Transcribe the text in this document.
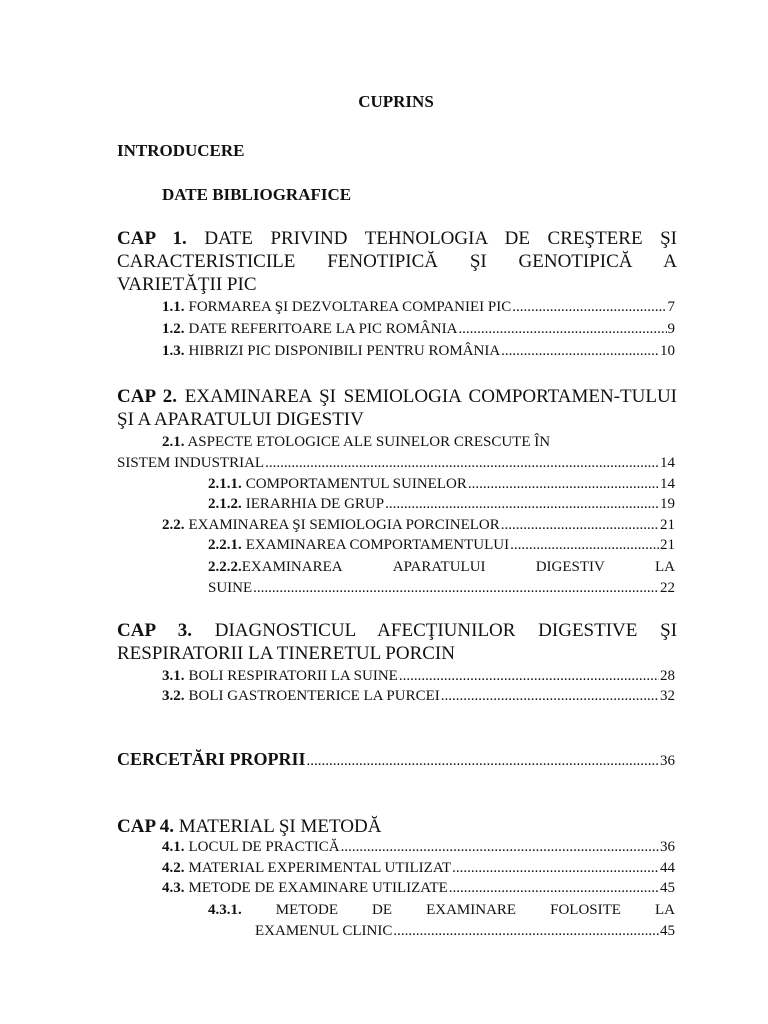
CUPRINS
INTRODUCERE
DATE BIBLIOGRAFICE
CAP 1. DATE PRIVIND TEHNOLOGIA DE CREŞTERE ŞI CARACTERISTICILE FENOTIPICĂ ŞI GENOTIPICĂ A VARIETĂŢII PIC
1.1. FORMAREA ŞI DEZVOLTAREA COMPANIEI PIC .....	7
1.2. DATE REFERITOARE LA PIC ROMÂNIA .....	9
1.3. HIBRIZI PIC DISPONIBILI PENTRU ROMÂNIA .....	10
CAP 2. EXAMINAREA ŞI SEMIOLOGIA COMPORTAMEN-TULUI ŞI A APARATULUI DIGESTIV
2.1. ASPECTE ETOLOGICE ALE SUINELOR CRESCUTE ÎN
SISTEM INDUSTRIAL .....	14
2.1.1. COMPORTAMENTUL SUINELOR .....	14
2.1.2. IERARHIA DE GRUP .....	19
2.2. EXAMINAREA ŞI SEMIOLOGIA PORCINELOR .....	21
2.2.1. EXAMINAREA COMPORTAMENTULUI .....	21
2.2.2.EXAMINAREA	APARATULUI	DIGESTIV	LA
SUINE .....	22
CAP 3. DIAGNOSTICUL AFECŢIUNILOR DIGESTIVE ŞI RESPIRATORII LA TINERETUL PORCIN
3.1. BOLI RESPIRATORII LA SUINE .....	28
3.2. BOLI GASTROENTERICE LA PURCEI .....	32
CERCETĂRI PROPRII .....	36
CAP 4. MATERIAL ŞI METODĂ
4.1. LOCUL DE PRACTICĂ .....	36
4.2. MATERIAL EXPERIMENTAL UTILIZAT .....	44
4.3. METODE DE EXAMINARE UTILIZATE .....	45
4.3.1. METODE DE EXAMINARE FOLOSITE LA
EXAMENUL CLINIC .....	45
